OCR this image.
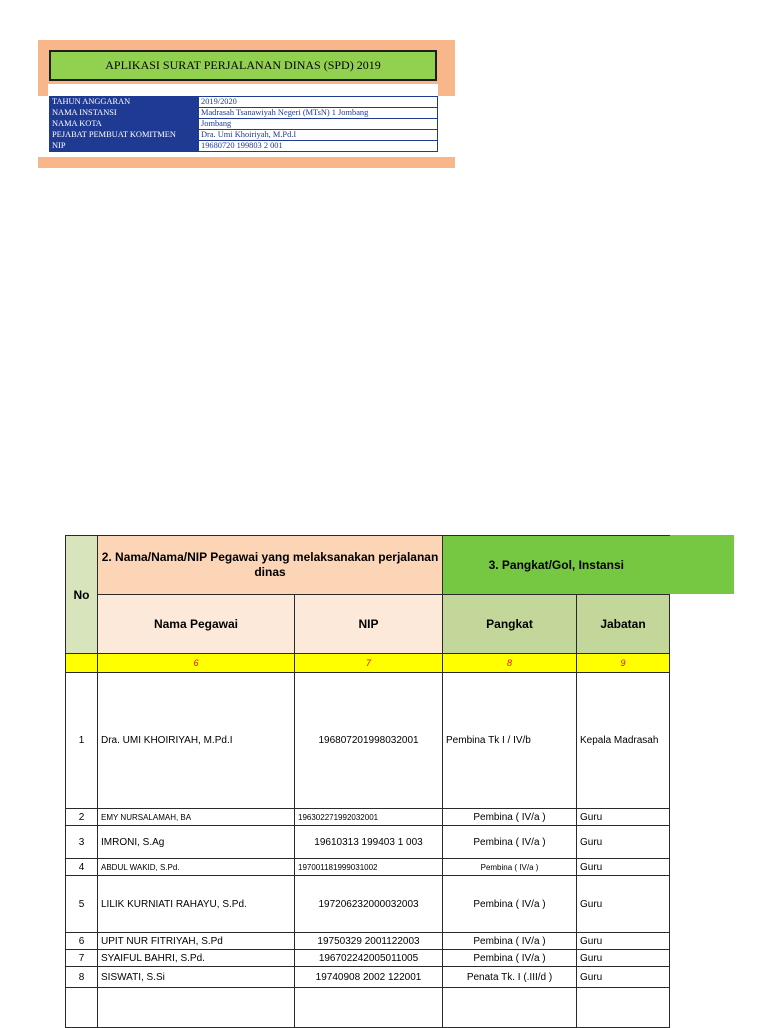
APLIKASI SURAT PERJALANAN DINAS (SPD) 2019
TAHUN ANGGARAN	2019/2020
NAMA INSTANSI	Madrasah Tsanawiyah Negeri (MTsN) 1 Jombang
NAMA KOTA	Jombang
PEJABAT PEMBUAT KOMITMEN	Dra. Umi Khoiriyah, M.Pd.I
NIP	19680720 199803 2 001
No	2. Nama/Nama/NIP Pegawai yang melaksanakan perjalanan dinas		3. Pangkat/Gol, Instansi	
	Nama Pegawai	NIP	Pangkat	Jabatan
	6	7	8	9
1	Dra. UMI KHOIRIYAH, M.Pd.I	196807201998032001	Pembina Tk I / IV/b	Kepala Madrasah
2	EMY NURSALAMAH, BA	196302271992032001	Pembina ( IV/a )	Guru
3	IMRONI, S.Ag	19610313 199403 1 003	Pembina ( IV/a )	Guru
4	ABDUL WAKID, S.Pd.	197001181999031002	Pembina ( IV/a )	Guru
5	LILIK KURNIATI RAHAYU, S.Pd.	197206232000032003	Pembina ( IV/a )	Guru
6	UPIT NUR FITRIYAH, S.Pd	19750329 2001122003	Pembina ( IV/a )	Guru
7	SYAIFUL BAHRI, S.Pd.	196702242005011005	Pembina ( IV/a )	Guru
8	SISWATI, S.Si	19740908 2002 122001	Penata Tk. I (.III/d )	Guru
